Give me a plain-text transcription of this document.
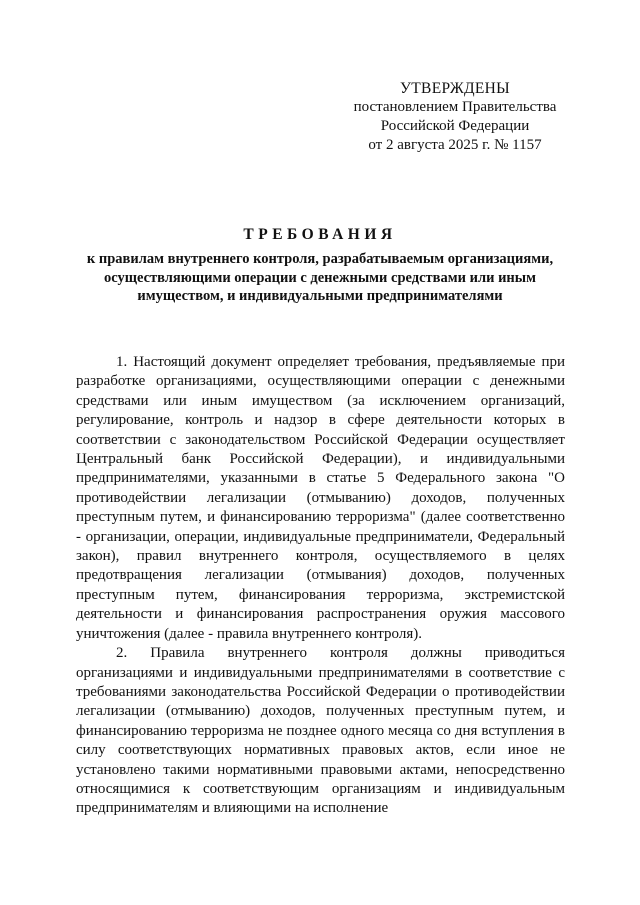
УТВЕРЖДЕНЫ
постановлением Правительства
Российской Федерации
от 2 августа 2025 г. № 1157
ТРЕБОВАНИЯ
к правилам внутреннего контроля, разрабатываемым организациями, осуществляющими операции с денежными средствами или иным имуществом, и индивидуальными предпринимателями

1. Настоящий документ определяет требования, предъявляемые при разработке организациями, осуществляющими операции с денежными средствами или иным имуществом (за исключением организаций, регулирование, контроль и надзор в сфере деятельности которых в соответствии с законодательством Российской Федерации осуществляет Центральный банк Российской Федерации), и индивидуальными предпринимателями, указанными в статье 5 Федерального закона "О противодействии легализации (отмыванию) доходов, полученных преступным путем, и финансированию терроризма" (далее соответственно - организации, операции, индивидуальные предприниматели, Федеральный закон), правил внутреннего контроля, осуществляемого в целях предотвращения легализации (отмывания) доходов, полученных преступным путем, финансирования терроризма, экстремистской деятельности и финансирования распространения оружия массового уничтожения (далее - правила внутреннего контроля).

2. Правила внутреннего контроля должны приводиться организациями и индивидуальными предпринимателями в соответствие с требованиями законодательства Российской Федерации о противодействии легализации (отмыванию) доходов, полученных преступным путем, и финансированию терроризма не позднее одного месяца со дня вступления в силу соответствующих нормативных правовых актов, если иное не установлено такими нормативными правовыми актами, непосредственно относящимися к соответствующим организациям и индивидуальным предпринимателям и влияющими на исполнение
